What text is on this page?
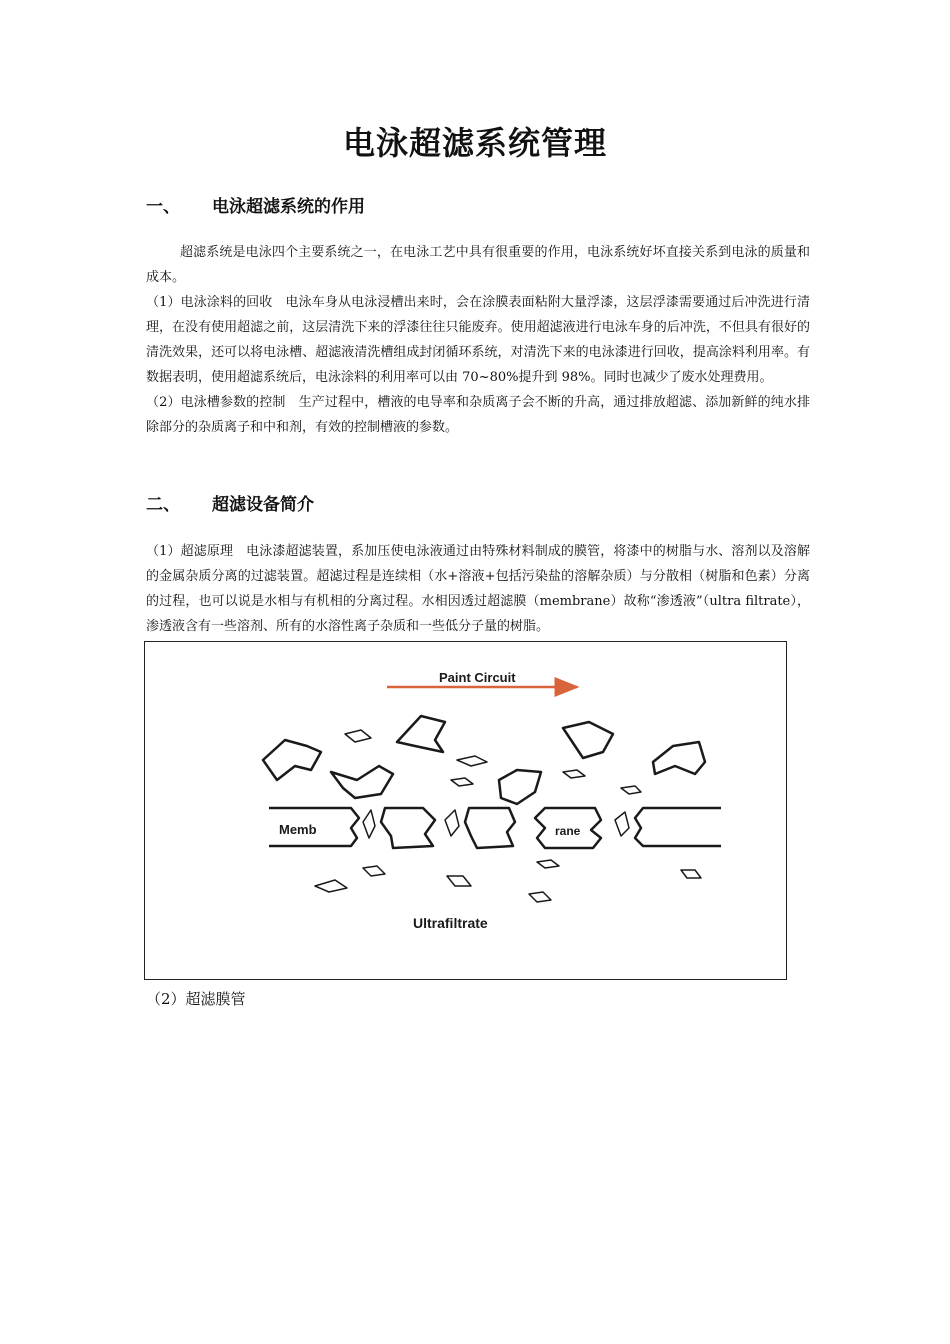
电泳超滤系统管理
一、 电泳超滤系统的作用

超滤系统是电泳四个主要系统之一，在电泳工艺中具有很重要的作用，电泳系统好坏直接关系到电泳的质量和成本。

（1）电泳涂料的回收　电泳车身从电泳浸槽出来时，会在涂膜表面粘附大量浮漆，这层浮漆需要通过后冲洗进行清理，在没有使用超滤之前，这层清洗下来的浮漆往往只能废弃。使用超滤液进行电泳车身的后冲洗，不但具有很好的清洗效果，还可以将电泳槽、超滤液清洗槽组成封闭循环系统，对清洗下来的电泳漆进行回收，提高涂料利用率。有数据表明，使用超滤系统后，电泳涂料的利用率可以由 70~80%提升到 98%。同时也减少了废水处理费用。

（2）电泳槽参数的控制　生产过程中，槽液的电导率和杂质离子会不断的升高，通过排放超滤、添加新鲜的纯水排除部分的杂质离子和中和剂，有效的控制槽液的参数。

二、 超滤设备简介

（1）超滤原理　电泳漆超滤装置，系加压使电泳液通过由特殊材料制成的膜管，将漆中的树脂与水、溶剂以及溶解的金属杂质分离的过滤装置。超滤过程是连续相（水+溶液+包括污染盐的溶解杂质）与分散相（树脂和色素）分离的过程，也可以说是水相与有机相的分离过程。水相因透过超滤膜（membrane）故称“渗透液”（ultra filtrate），渗透液含有一些溶剂、所有的水溶性离子杂质和一些低分子量的树脂。

Paint Circuit
Memb	rane
Ultrafiltrate
（2）超滤膜管
